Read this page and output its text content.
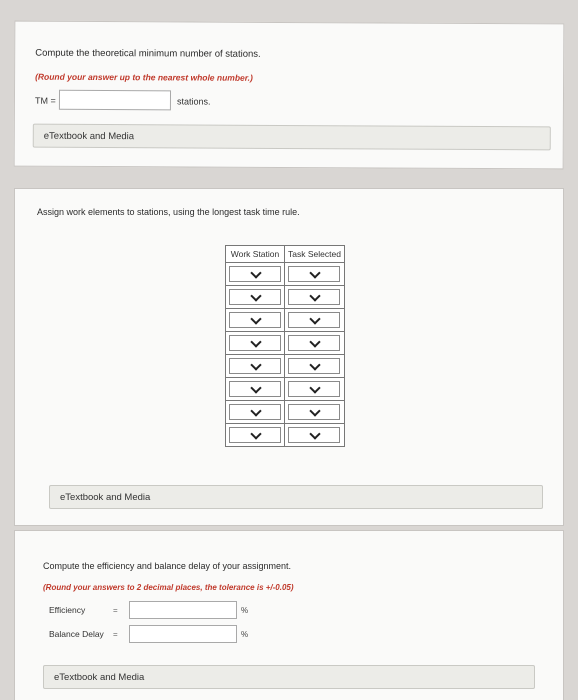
Compute the theoretical minimum number of stations.
(Round your answer up to the nearest whole number.)
TM =	stations.
eTextbook and Media
Assign work elements to stations, using the longest task time rule.
Work Station	Task Selected

eTextbook and Media
Compute the efficiency and balance delay of your assignment.
(Round your answers to 2 decimal places, the tolerance is +/-0.05)
Efficiency	=	%
Balance Delay =	%
eTextbook and Media
